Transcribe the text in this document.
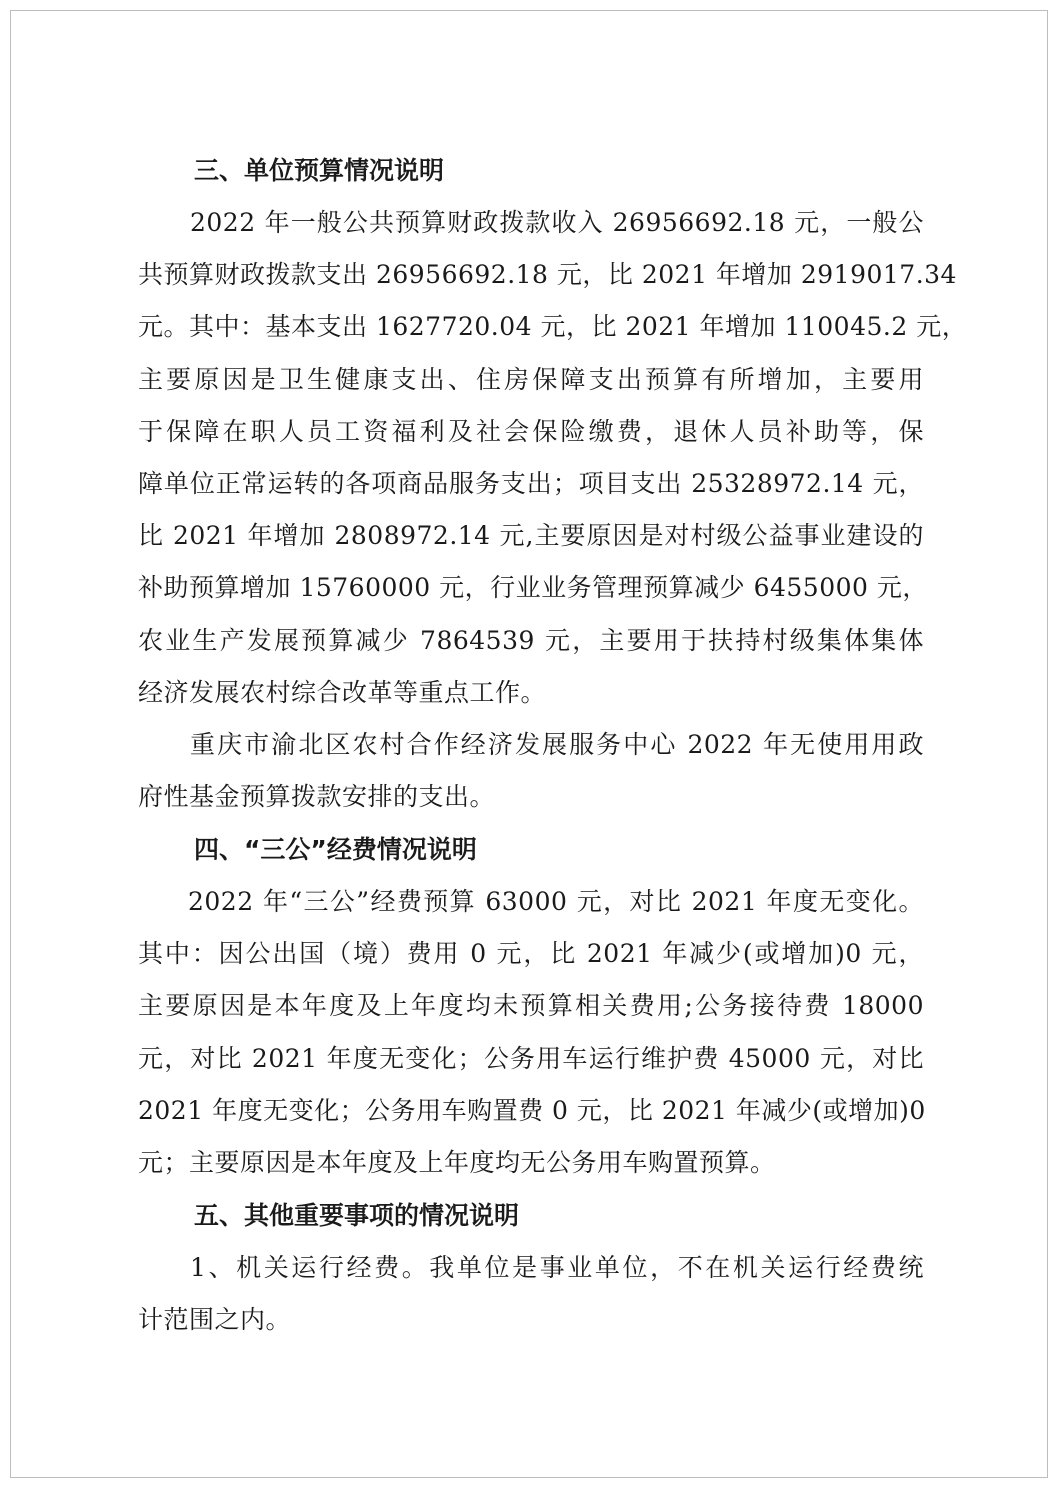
三、单位预算情况说明
2022 年一般公共预算财政拨款收入 26956692.18 元，一般公
共预算财政拨款支出 26956692.18 元，比 2021 年增加 2919017.34
元。其中：基本支出 1627720.04 元，比 2021 年增加 110045.2 元，
主要原因是卫生健康支出、住房保障支出预算有所增加，主要用
于保障在职人员工资福利及社会保险缴费，退休人员补助等，保
障单位正常运转的各项商品服务支出；项目支出 25328972.14 元，
比 2021 年增加 2808972.14 元,主要原因是对村级公益事业建设的
补助预算增加 15760000 元，行业业务管理预算减少 6455000 元，
农业生产发展预算减少 7864539 元，主要用于扶持村级集体集体
经济发展农村综合改革等重点工作。
重庆市渝北区农村合作经济发展服务中心 2022 年无使用用政
府性基金预算拨款安排的支出。
四、“三公”经费情况说明
2022 年“三公”经费预算 63000 元，对比 2021 年度无变化。
其中：因公出国（境）费用 0 元，比 2021 年减少(或增加)0 元，
主要原因是本年度及上年度均未预算相关费用;公务接待费 18000
元，对比 2021 年度无变化；公务用车运行维护费 45000 元，对比
2021 年度无变化；公务用车购置费 0 元，比 2021 年减少(或增加)0
元；主要原因是本年度及上年度均无公务用车购置预算。
五、其他重要事项的情况说明
1、机关运行经费。我单位是事业单位，不在机关运行经费统
计范围之内。
